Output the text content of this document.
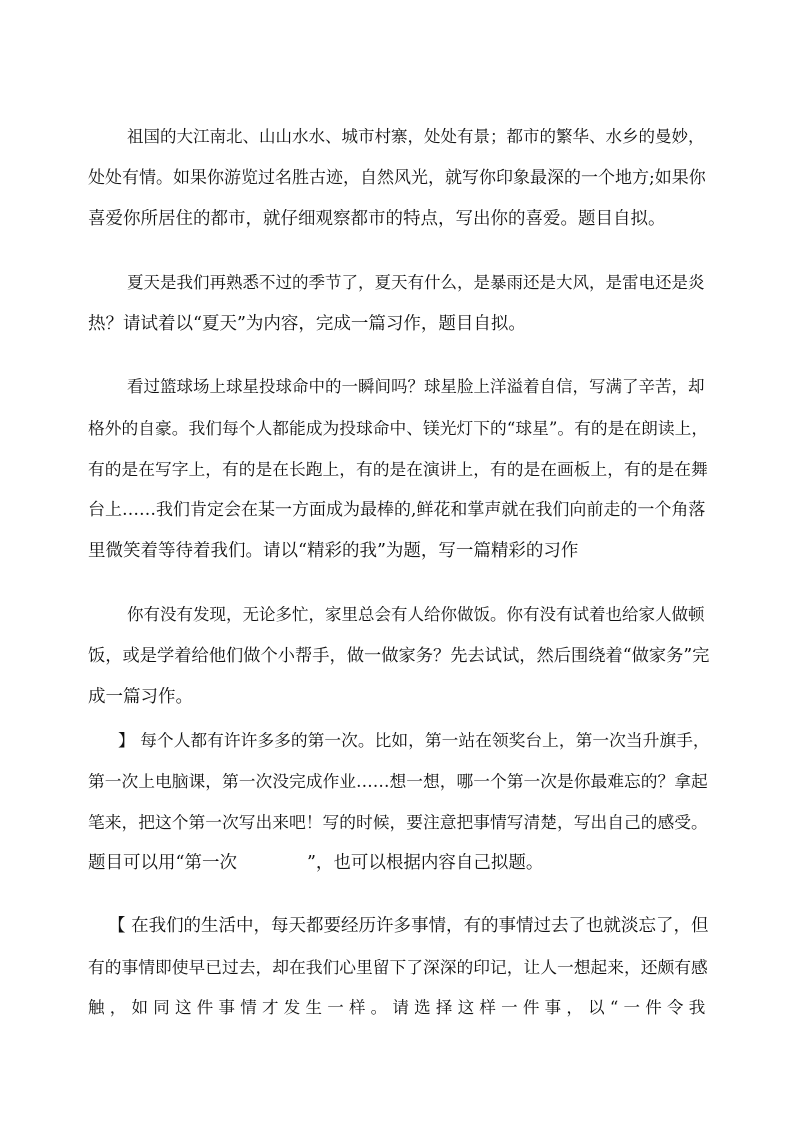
祖国的大江南北、山山水水、城市村寨，处处有景；都市的繁华、水乡的曼妙，
处处有情。如果你游览过名胜古迹，自然风光，就写你印象最深的一个地方;如果你
喜爱你所居住的都市，就仔细观察都市的特点，写出你的喜爱。题目自拟。
夏天是我们再熟悉不过的季节了，夏天有什么，是暴雨还是大风，是雷电还是炎
热？请试着以“夏天”为内容，完成一篇习作，题目自拟。
看过篮球场上球星投球命中的一瞬间吗？球星脸上洋溢着自信，写满了辛苦，却
格外的自豪。我们每个人都能成为投球命中、镁光灯下的“球星”。有的是在朗读上，
有的是在写字上，有的是在长跑上，有的是在演讲上，有的是在画板上，有的是在舞
台上……我们肯定会在某一方面成为最棒的,鲜花和掌声就在我们向前走的一个角落
里微笑着等待着我们。请以“精彩的我”为题，写一篇精彩的习作
你有没有发现，无论多忙，家里总会有人给你做饭。你有没有试着也给家人做顿
饭，或是学着给他们做个小帮手，做一做家务？先去试试，然后围绕着“做家务”完
成一篇习作。
】 每个人都有许许多多的第一次。比如，第一站在领奖台上，第一次当升旗手，
第一次上电脑课，第一次没完成作业……想一想，哪一个第一次是你最难忘的？拿起
笔来，把这个第一次写出来吧！写的时候，要注意把事情写清楚，写出自己的感受。
题目可以用“第一次　　　　”，也可以根据内容自己拟题。
【 在我们的生活中，每天都要经历许多事情，有的事情过去了也就淡忘了，但
有的事情即使早已过去，却在我们心里留下了深深的印记，让人一想起来，还颇有感
触 ， 如 同 这 件 事 情 才 发 生 一 样 。 请 选 择 这 样 一 件 事 ， 以 “ 一 件 令 我
